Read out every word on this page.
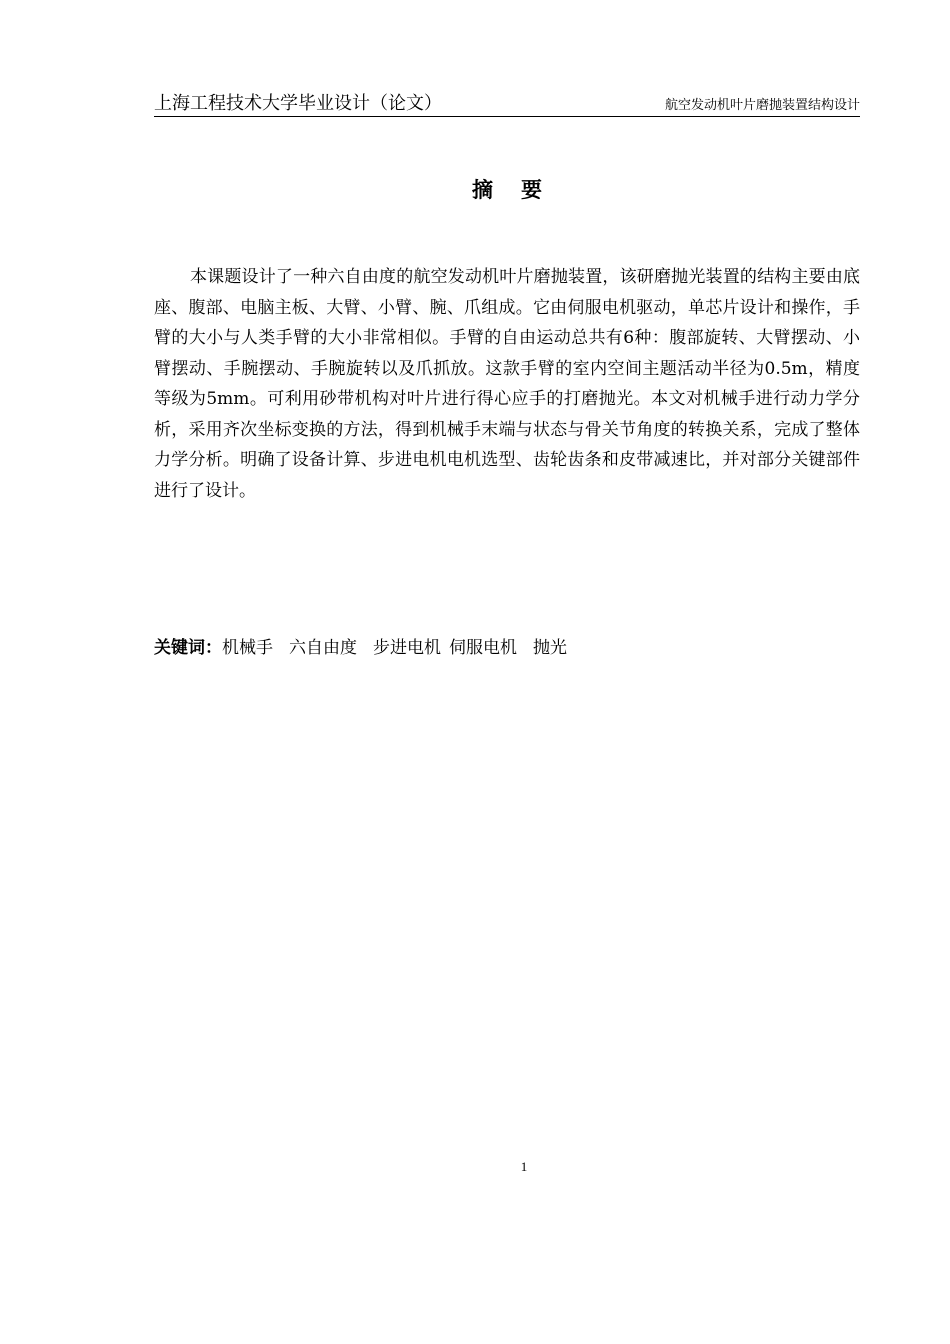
上海工程技术大学毕业设计（论文）	航空发动机叶片磨抛装置结构设计
摘要

本课题设计了一种六自由度的航空发动机叶片磨抛装置，该研磨抛光装置的结构主要由底座、腹部、电脑主板、大臂、小臂、腕、爪组成。它由伺服电机驱动，单芯片设计和操作，手臂的大小与人类手臂的大小非常相似。手臂的自由运动总共有6种：腹部旋转、大臂摆动、小臂摆动、手腕摆动、手腕旋转以及爪抓放。这款手臂的室内空间主题活动半径为0.5m，精度等级为5mm。可利用砂带机构对叶片进行得心应手的打磨抛光。本文对机械手进行动力学分析，采用齐次坐标变换的方法，得到机械手末端与状态与骨关节角度的转换关系，完成了整体力学分析。明确了设备计算、步进电机电机选型、齿轮齿条和皮带减速比，并对部分关键部件进行了设计。

关键词：机械手 六自由度 步进电机 伺服电机 抛光
1
